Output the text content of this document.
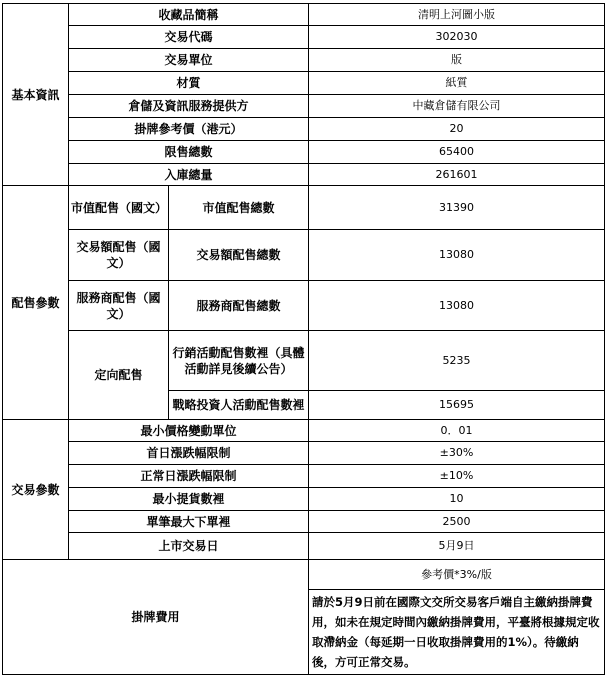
基本資訊	收藏品簡稱		清明上河圖小版
	交易代碼		302030
	交易單位		版
	材質		紙質
	倉儲及資訊服務提供方		中藏倉儲有限公司
	掛牌參考價（港元）		20
	限售總數		65400
	入庫總量		261601
配售參數	市值配售（國文）	市值配售總數	31390
	交易額配售（國文）	交易額配售總數	13080
	服務商配售（國文）	服務商配售總數	13080
	定向配售	行銷活動配售數裡（具體活動詳見後續公告）	5235
		戰略投資人活動配售數裡	15695
交易參數	最小價格變動單位		0．01
	首日漲跌幅限制		±30%
	正常日漲跌幅限制		±10%
	最小提貨數裡		10
	單筆最大下單裡		2500
	上市交易日		5月9日
掛牌費用			參考價*3%/版
			請於5月9日前在國際文交所交易客戶端自主繳納掛牌費用，如未在規定時間內繳納掛牌費用，平臺將根據規定收取滯納金（每延期一日收取掛牌費用的1%）。待繳納後，方可正常交易。
